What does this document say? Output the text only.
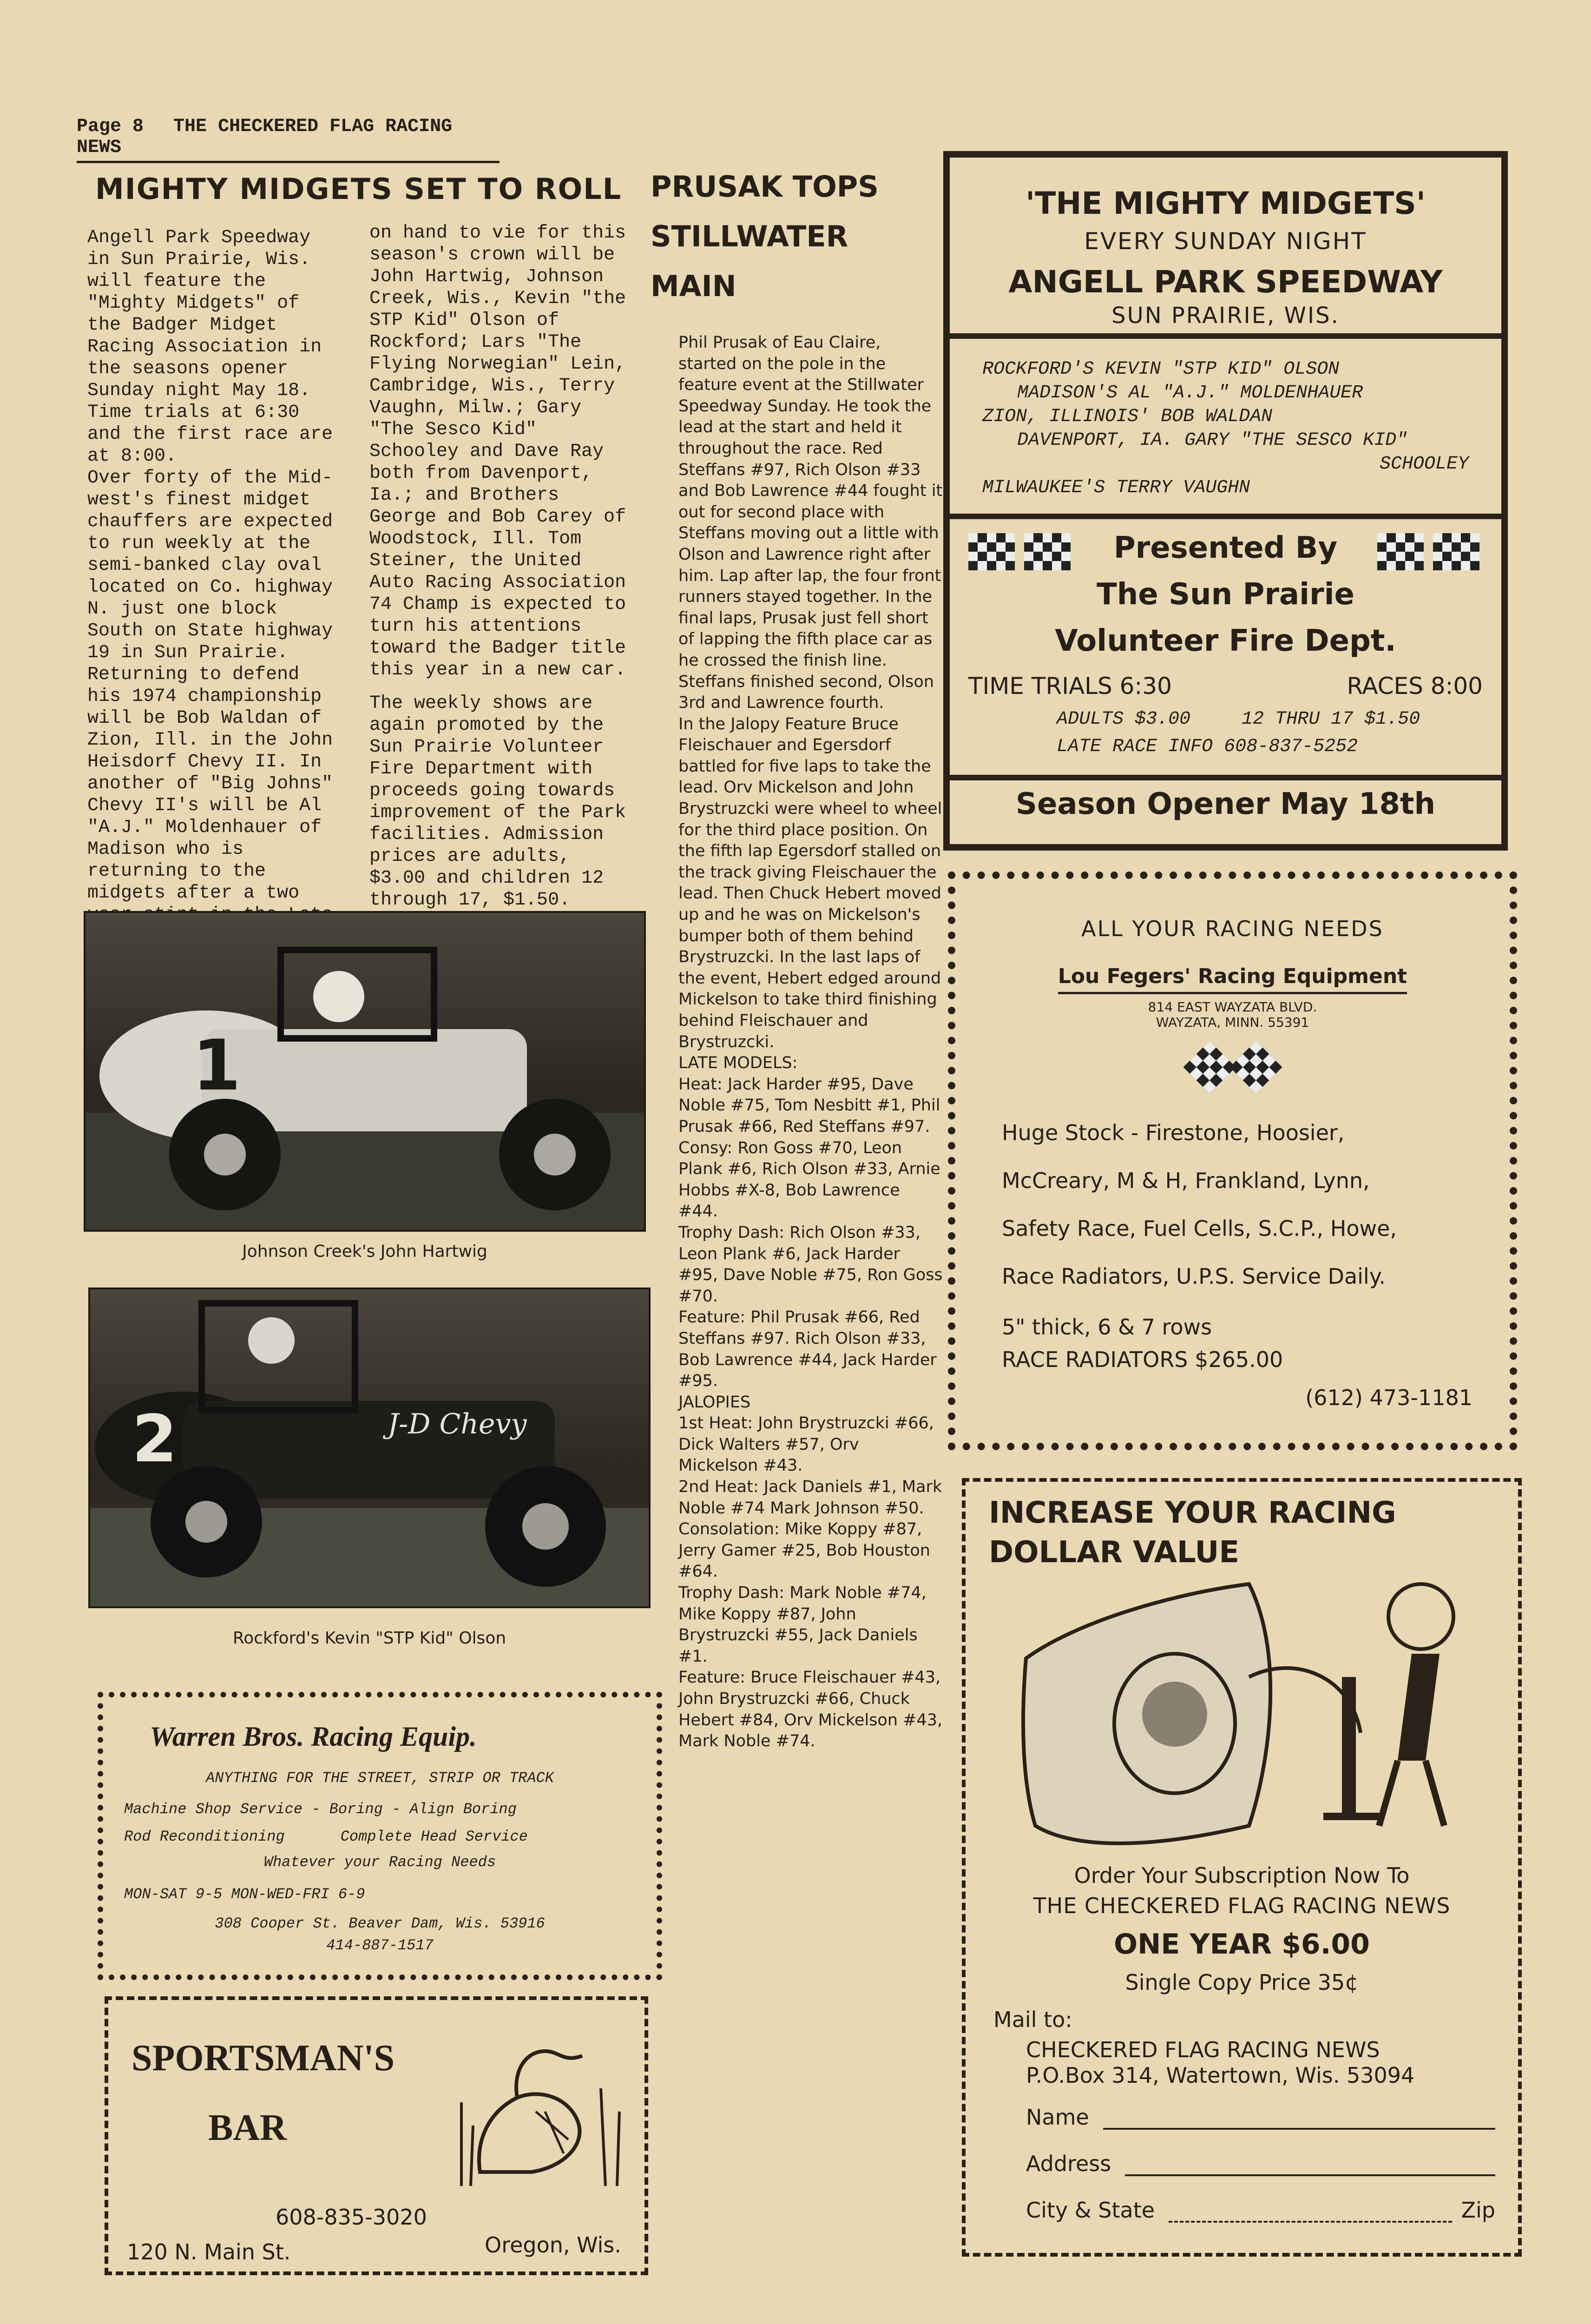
Page 8 THE CHECKERED FLAG RACING NEWS
MIGHTY MIDGETS SET TO ROLL
Angell Park Speedway in Sun Prairie, Wis. will feature the "Mighty Midgets" of the Badger Midget Racing Association in the seasons opener Sunday night May 18. Time trials at 6:30 and the first race are at 8:00.
Over forty of the Mid-west's finest midget chauffers are expected to run weekly at the semi-banked clay oval located on Co. highway N. just one block South on State highway 19 in Sun Prairie.
Returning to defend his 1974 championship will be Bob Waldan of Zion, Ill. in the John Heisdorf Chevy II. In another of "Big Johns" Chevy II's will be Al "A.J." Moldenhauer of Madison who is returning to the midgets after a two
on hand to vie for this season's crown will be John Hartwig, Johnson Creek, Wis., Kevin "the STP Kid" Olson of Rockford; Lars "The Flying Norwegian" Lein, Cambridge, Wis., Terry Vaughn, Milw.; Gary "The Sesco Kid" Schooley and Dave Ray both from Davenport, Ia.; and Brothers George and Bob Carey of Woodstock, Ill. Tom Steiner, the United Auto Racing Association 74 Champ is expected to turn his attentions toward the Badger title this year in a new car.
The weekly shows are again promoted by the Sun Prairie Volunteer Fire Department with proceeds going towards improvement of the Park facilities. Admission prices are adults, $3.00 and children 12 through 17, $1.50.
1
Johnson Creek's John Hartwig
2	J-D Chevy
Rockford's Kevin "STP Kid" Olson
PRUSAK TOPS
STILLWATER
MAIN
Phil Prusak of Eau Claire, started on the pole in the feature event at the Stillwater Speedway Sunday. He took the lead at the start and held it throughout the race. Red Steffans #97, Rich Olson #33 and Bob Lawrence #44 fought it out for second place with Steffans moving out a little with Olson and Lawrence right after him. Lap after lap, the four front runners stayed together. In the final laps, Prusak just fell short of lapping the fifth place car as he crossed the finish line. Steffans finished second, Olson 3rd and Lawrence fourth.
In the Jalopy Feature Bruce Fleischauer and Egersdorf battled for five laps to take the lead. Orv Mickelson and John Brystruzcki were wheel to wheel for the third place position. On the fifth lap Egersdorf stalled on the track giving Fleischauer the lead. Then Chuck Hebert moved up and he was on Mickelson's bumper both of them behind Brystruzcki. In the last laps of the event, Hebert edged around Mickelson to take third finishing behind Fleischauer and Brystruzcki.
LATE MODELS:
Heat: Jack Harder #95, Dave Noble #75, Tom Nesbitt #1, Phil Prusak #66, Red Steffans #97.
Consy: Ron Goss #70, Leon Plank #6, Rich Olson #33, Arnie Hobbs #X-8, Bob Lawrence #44.
Trophy Dash: Rich Olson #33, Leon Plank #6, Jack Harder #95, Dave Noble #75, Ron Goss #70.
Feature: Phil Prusak #66, Red Steffans #97. Rich Olson #33, Bob Lawrence #44, Jack Harder #95.
JALOPIES
1st Heat: John Brystruzcki #66, Dick Walters #57, Orv Mickelson #43.
2nd Heat: Jack Daniels #1, Mark Noble #74 Mark Johnson #50.
Consolation: Mike Koppy #87, Jerry Gamer #25, Bob Houston #64.
Trophy Dash: Mark Noble #74, Mike Koppy #87, John Brystruzcki #55, Jack Daniels #1.
Feature: Bruce Fleischauer #43, John Brystruzcki #66, Chuck Hebert #84, Orv Mickelson #43, Mark Noble #74.
'THE MIGHTY MIDGETS'
EVERY SUNDAY NIGHT
ANGELL PARK SPEEDWAY
SUN PRAIRIE, WIS.
ROCKFORD'S KEVIN "STP KID" OLSON
MADISON'S AL "A.J." MOLDENHAUER
ZION, ILLINOIS' BOB WALDAN
DAVENPORT, IA. GARY "THE SESCO KID"
SCHOOLEY
MILWAUKEE'S TERRY VAUGHN
Presented By
The Sun Prairie
Volunteer Fire Dept.
TIME TRIALS 6:30	RACES 8:00
ADULTS $3.00	12 THRU 17 $1.50
LATE RACE INFO 608-837-5252
Season Opener May 18th
ALL YOUR RACING NEEDS
Lou Fegers' Racing Equipment
814 EAST WAYZATA BLVD.
WAYZATA, MINN. 55391
Huge Stock - Firestone, Hoosier,
McCreary, M & H, Frankland, Lynn,
Safety Race, Fuel Cells, S.C.P., Howe,
Race Radiators, U.P.S. Service Daily.
5" thick, 6 & 7 rows
RACE RADIATORS $265.00
(612) 473-1181
Warren Bros. Racing Equip.
ANYTHING FOR THE STREET, STRIP OR TRACK
Machine Shop Service - Boring - Align Boring
Rod Reconditioning	Complete Head Service
Whatever your Racing Needs
MON-SAT 9-5 MON-WED-FRI 6-9
308 Cooper St. Beaver Dam, Wis. 53916
414-887-1517
SPORTSMAN'S
BAR
608-835-3020
120 N. Main St.	Oregon, Wis.
INCREASE YOUR RACING
DOLLAR VALUE
Order Your Subscription Now To
THE CHECKERED FLAG RACING NEWS
ONE YEAR $6.00
Single Copy Price 35¢
Mail to:
CHECKERED FLAG RACING NEWS
P.O.Box 314, Watertown, Wis. 53094
Name
Address
City & State	Zip
